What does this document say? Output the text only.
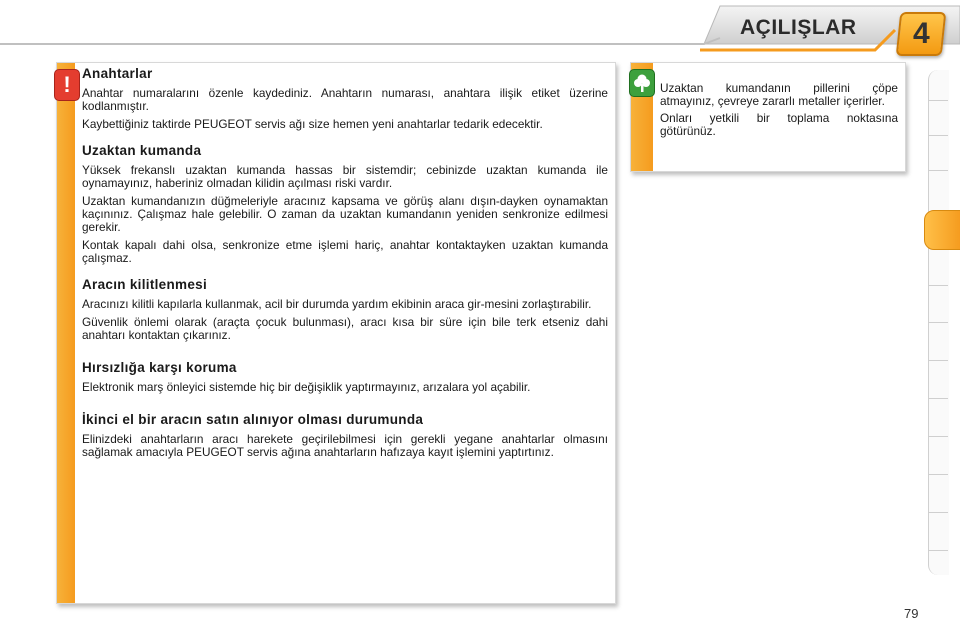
AÇILIŞLAR 4
! Anahtarlar

Anahtar numaralarını özenle kaydediniz. Anahtarın numarası, anahtara ilişik etiket üzerine kodlanmıştır.

Kaybettiğiniz taktirde PEUGEOT servis ağı size hemen yeni anahtarlar tedarik edecektir.

Uzaktan kumanda

Yüksek frekanslı uzaktan kumanda hassas bir sistemdir; cebinizde uzaktan kumanda ile oynamayınız, haberiniz olmadan kilidin açılması riski vardır.

Uzaktan kumandanızın düğmeleriyle aracınız kapsama ve görüş alanı dışın-dayken oynamaktan kaçınınız. Çalışmaz hale gelebilir. O zaman da uzaktan kumandanın yeniden senkronize edilmesi gerekir.

Kontak kapalı dahi olsa, senkronize etme işlemi hariç, anahtar kontaktayken uzaktan kumanda çalışmaz.

Aracın kilitlenmesi

Aracınızı kilitli kapılarla kullanmak, acil bir durumda yardım ekibinin araca gir-mesini zorlaştırabilir.

Güvenlik önlemi olarak (araçta çocuk bulunması), aracı kısa bir süre için bile terk etseniz dahi anahtarı kontaktan çıkarınız.

Hırsızlığa karşı koruma

Elektronik marş önleyici sistemde hiç bir değişiklik yaptırmayınız, arızalara yol açabilir.

İkinci el bir aracın satın alınıyor olması durumunda

Elinizdeki anahtarların aracı harekete geçirilebilmesi için gerekli yegane anahtarlar olmasını sağlamak amacıyla PEUGEOT servis ağına anahtarların hafızaya kayıt işlemini yaptırtınız.

Uzaktan kumandanın pillerini çöpe atmayınız, çevreye zararlı metaller içerirler.

Onları yetkili bir toplama noktasına götürünüz.

79
